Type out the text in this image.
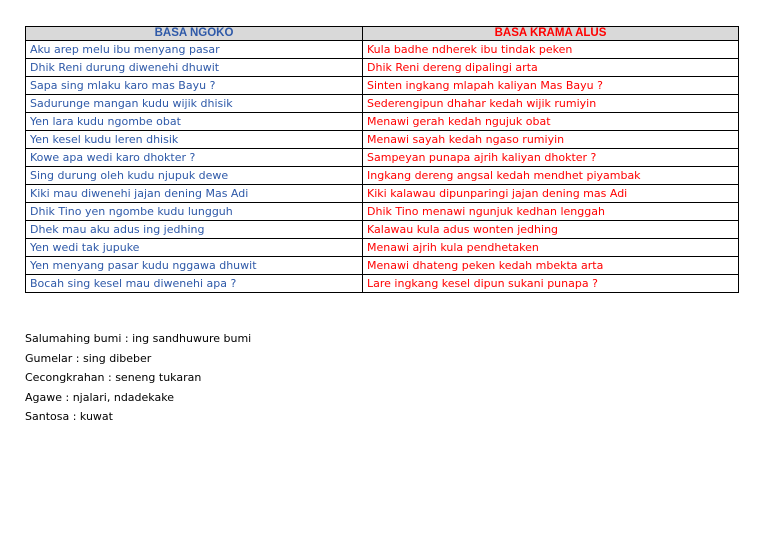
BASA NGOKO	BASA KRAMA ALUS
Aku arep melu ibu menyang pasar	Kula badhe ndherek ibu tindak peken
Dhik Reni durung diwenehi dhuwit	Dhik Reni dereng dipalingi arta
Sapa sing mlaku karo mas Bayu ?	Sinten ingkang mlapah kaliyan Mas Bayu ?
Sadurunge mangan kudu wijik dhisik	Sederengipun dhahar kedah wijik rumiyin
Yen lara kudu ngombe obat	Menawi gerah kedah ngujuk obat
Yen kesel kudu leren dhisik	Menawi sayah kedah ngaso rumiyin
Kowe apa wedi karo dhokter ?	Sampeyan punapa ajrih kaliyan dhokter ?
Sing durung oleh kudu njupuk dewe	Ingkang dereng angsal kedah mendhet piyambak
Kiki mau diwenehi jajan dening Mas Adi	Kiki kalawau dipunparingi jajan dening mas Adi
Dhik Tino yen ngombe kudu lungguh	Dhik Tino menawi ngunjuk kedhan lenggah
Dhek mau aku adus ing jedhing	Kalawau kula adus wonten jedhing
Yen wedi tak jupuke	Menawi ajrih kula pendhetaken
Yen menyang pasar kudu nggawa dhuwit	Menawi dhateng peken kedah mbekta arta
Bocah sing kesel mau diwenehi apa ?	Lare ingkang kesel dipun sukani punapa ?
Salumahing bumi : ing sandhuwure bumi
Gumelar : sing dibeber
Cecongkrahan : seneng tukaran
Agawe : njalari, ndadekake
Santosa : kuwat
